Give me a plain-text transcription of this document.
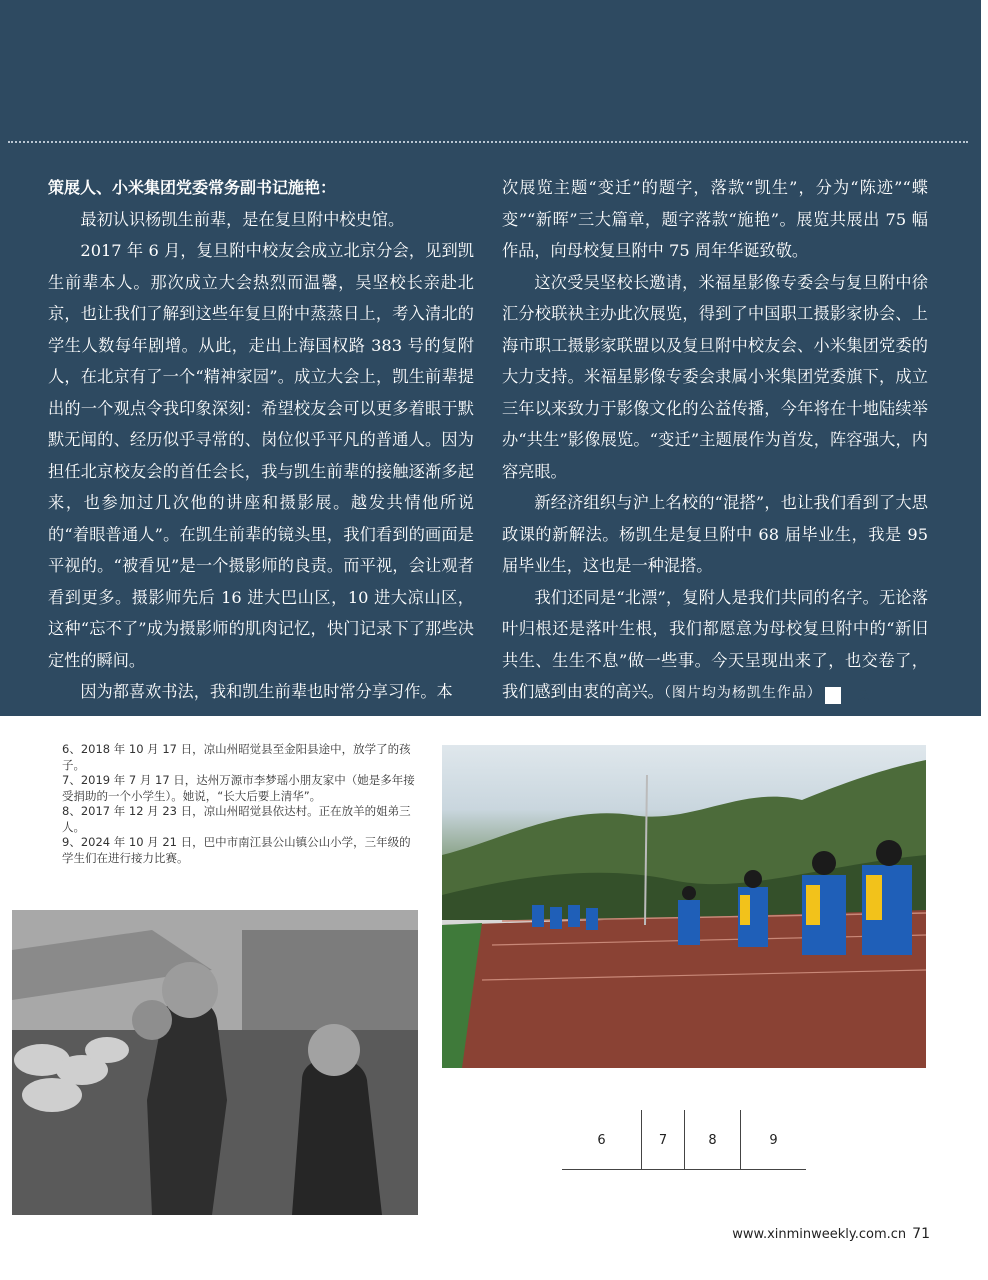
策展人、小米集团党委常务副书记施艳：

最初认识杨凯生前辈，是在复旦附中校史馆。

2017 年 6 月，复旦附中校友会成立北京分会，见到凯生前辈本人。那次成立大会热烈而温馨，吴坚校长亲赴北京，也让我们了解到这些年复旦附中蒸蒸日上，考入清北的学生人数每年剧增。从此，走出上海国权路 383 号的复附人，在北京有了一个“精神家园”。成立大会上，凯生前辈提出的一个观点令我印象深刻：希望校友会可以更多着眼于默默无闻的、经历似乎寻常的、岗位似乎平凡的普通人。因为担任北京校友会的首任会长，我与凯生前辈的接触逐渐多起来，也参加过几次他的讲座和摄影展。越发共情他所说的“着眼普通人”。在凯生前辈的镜头里，我们看到的画面是平视的。“被看见”是一个摄影师的良责。而平视，会让观者看到更多。摄影师先后 16 进大巴山区，10 进大凉山区，这种“忘不了”成为摄影师的肌肉记忆，快门记录下了那些决定性的瞬间。

因为都喜欢书法，我和凯生前辈也时常分享习作。本

次展览主题“变迁”的题字，落款“凯生”，分为“陈迹”“蝶变”“新晖”三大篇章，题字落款“施艳”。展览共展出 75 幅作品，向母校复旦附中 75 周年华诞致敬。

这次受吴坚校长邀请，米福星影像专委会与复旦附中徐汇分校联袂主办此次展览，得到了中国职工摄影家协会、上海市职工摄影家联盟以及复旦附中校友会、小米集团党委的大力支持。米福星影像专委会隶属小米集团党委旗下，成立三年以来致力于影像文化的公益传播，今年将在十地陆续举办“共生”影像展览。“变迁”主题展作为首发，阵容强大，内容亮眼。

新经济组织与沪上名校的“混搭”，也让我们看到了大思政课的新解法。杨凯生是复旦附中 68 届毕业生，我是 95 届毕业生，这也是一种混搭。

我们还同是“北漂”，复附人是我们共同的名字。无论落叶归根还是落叶生根，我们都愿意为母校复旦附中的“新旧共生、生生不息”做一些事。今天呈现出来了，也交卷了，我们感到由衷的高兴。（图片均为杨凯生作品）	民

6、2018 年 10 月 17 日，凉山州昭觉县至金阳县途中，放学了的孩子。

7、2019 年 7 月 17 日，达州万源市李梦瑶小朋友家中（她是多年接受捐助的一个小学生）。她说，“长大后要上清华”。

8、2017 年 12 月 23 日，凉山州昭觉县依达村。正在放羊的姐弟三人。

9、2024 年 10 月 21 日，巴中市南江县公山镇公山小学，三年级的学生们在进行接力比赛。

6	7	8	9
www.xinminweekly.com.cn 71
